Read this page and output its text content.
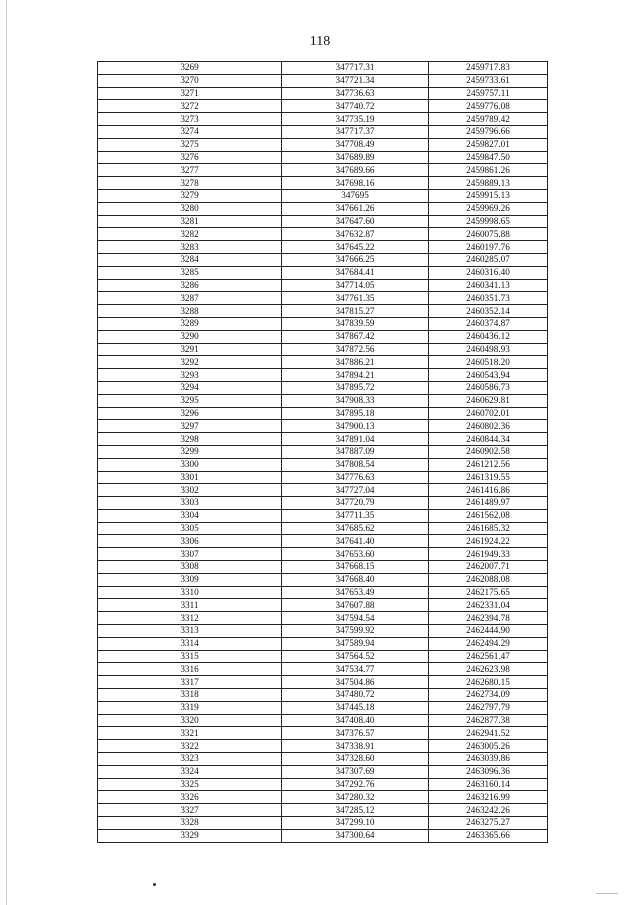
118
3269	347717.31	2459717.83
3270	347721.34	2459733.61
3271	347736.63	2459757.11
3272	347740.72	2459776.08
3273	347735.19	2459789.42
3274	347717.37	2459796.66
3275	347708.49	2459827.01
3276	347689.89	2459847.50
3277	347689.66	2459861.26
3278	347698.16	2459889.13
3279	347695	2459915.13
3280	347661.26	2459969.26
3281	347647.60	2459998.65
3282	347632.87	2460075.88
3283	347645.22	2460197.76
3284	347666.25	2460285.07
3285	347684.41	2460316.40
3286	347714.05	2460341.13
3287	347761.35	2460351.73
3288	347815.27	2460352.14
3289	347839.59	2460374.87
3290	347867.42	2460436.12
3291	347872.56	2460498.93
3292	347886.21	2460518.20
3293	347894.21	2460543.94
3294	347895.72	2460586.73
3295	347908.33	2460629.81
3296	347895.18	2460702.01
3297	347900.13	2460802.36
3298	347891.04	2460844.34
3299	347887.09	2460902.58
3300	347808.54	2461212.56
3301	347776.63	2461319.55
3302	347727.04	2461416.86
3303	347720.79	2461489.97
3304	347711.35	2461562.08
3305	347685.62	2461685.32
3306	347641.40	2461924.22
3307	347653.60	2461949.33
3308	347668.15	2462007.71
3309	347668.40	2462088.08
3310	347653.49	2462175.65
3311	347607.88	2462331.04
3312	347594.54	2462394.78
3313	347599.92	2462444.90
3314	347589.94	2462494.29
3315	347564.52	2462561.47
3316	347534.77	2462623.98
3317	347504.86	2462680.15
3318	347480.72	2462734.09
3319	347445.18	2462797.79
3320	347408.40	2462877.38
3321	347376.57	2462941.52
3322	347338.91	2463005.26
3323	347328.60	2463039.86
3324	347307.69	2463096.36
3325	347292.76	2463160.14
3326	347280.32	2463216.99
3327	347285.12	2463242.26
3328	347299.10	2463275.27
3329	347300.64	2463365.66
